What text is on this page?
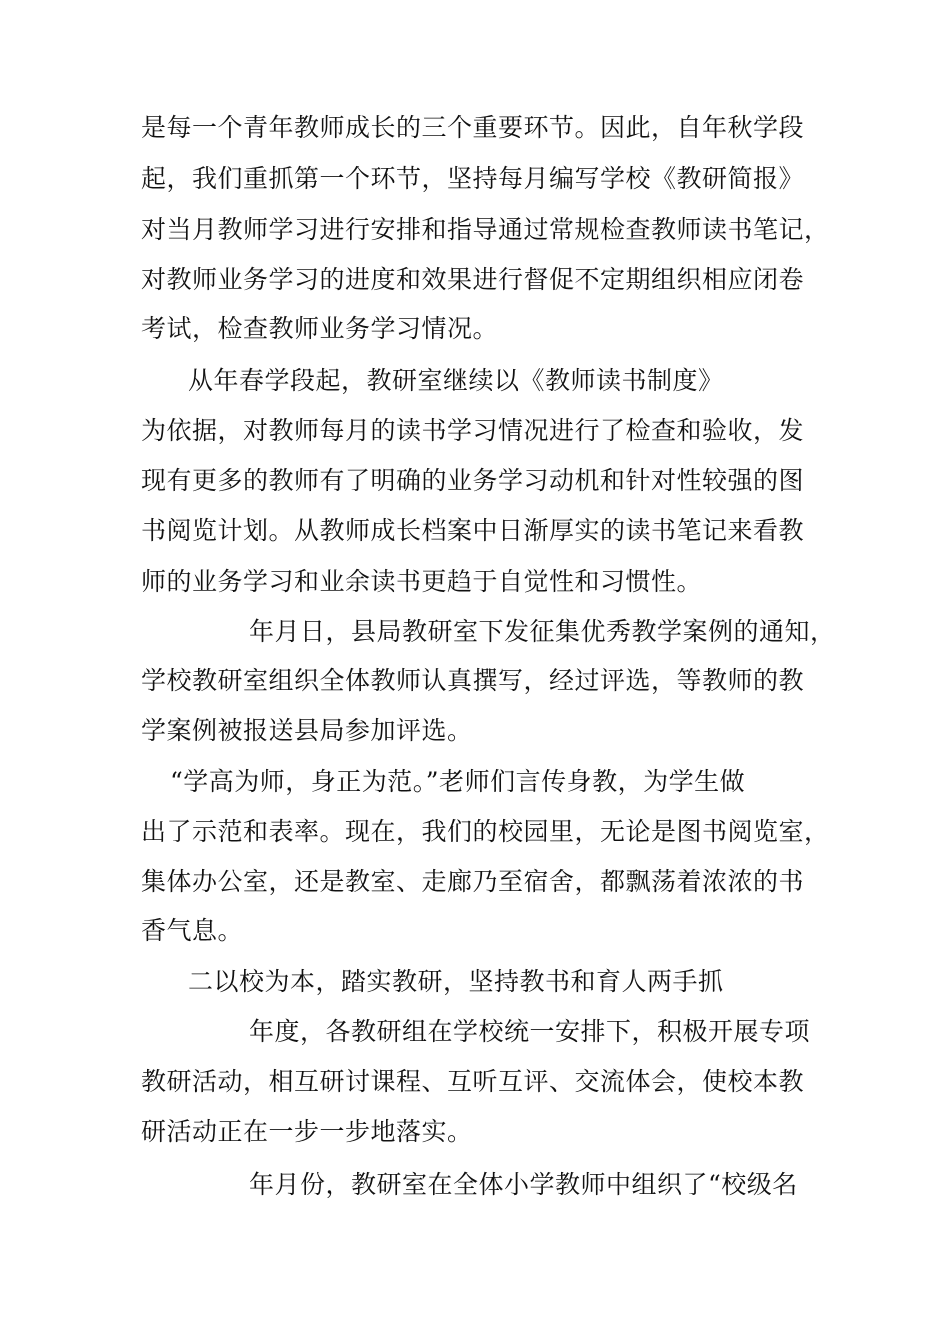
是每一个青年教师成长的三个重要环节。因此，自年秋学段
起，我们重抓第一个环节，坚持每月编写学校《教研简报》
对当月教师学习进行安排和指导通过常规检查教师读书笔记，
对教师业务学习的进度和效果进行督促不定期组织相应闭卷
考试，检查教师业务学习情况。
从年春学段起，教研室继续以《教师读书制度》
为依据，对教师每月的读书学习情况进行了检查和验收，发
现有更多的教师有了明确的业务学习动机和针对性较强的图
书阅览计划。从教师成长档案中日渐厚实的读书笔记来看教
师的业务学习和业余读书更趋于自觉性和习惯性。
年月日，县局教研室下发征集优秀教学案例的通知，
学校教研室组织全体教师认真撰写，经过评选，等教师的教
学案例被报送县局参加评选。
“学高为师，身正为范。”老师们言传身教，为学生做
出了示范和表率。现在，我们的校园里，无论是图书阅览室，
集体办公室，还是教室、走廊乃至宿舍，都飘荡着浓浓的书
香气息。
二以校为本，踏实教研，坚持教书和育人两手抓
年度，各教研组在学校统一安排下，积极开展专项
教研活动，相互研讨课程、互听互评、交流体会，使校本教
研活动正在一步一步地落实。
年月份，教研室在全体小学教师中组织了“校级名
